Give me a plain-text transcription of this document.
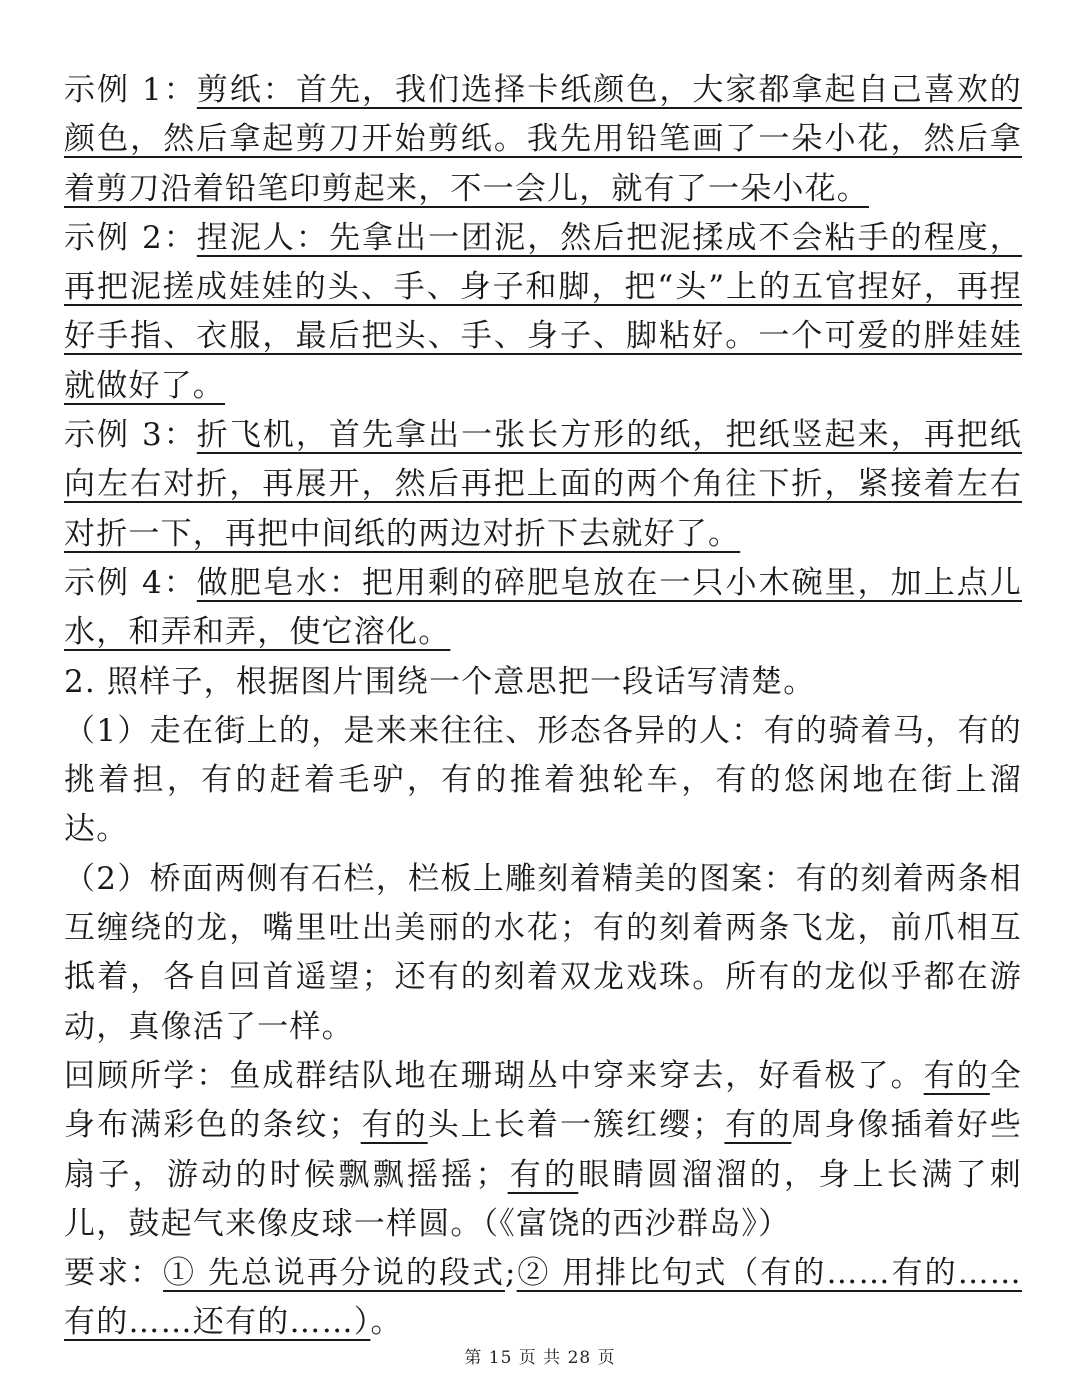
示例 1：剪纸：首先，我们选择卡纸颜色，大家都拿起自己喜欢的颜色，然后拿起剪刀开始剪纸。我先用铅笔画了一朵小花，然后拿着剪刀沿着铅笔印剪起来，不一会儿，就有了一朵小花。

示例 2：捏泥人：先拿出一团泥，然后把泥揉成不会粘手的程度，再把泥搓成娃娃的头、手、身子和脚，把“头”上的五官捏好，再捏好手指、衣服，最后把头、手、身子、脚粘好。一个可爱的胖娃娃就做好了。

示例 3：折飞机，首先拿出一张长方形的纸，把纸竖起来，再把纸向左右对折，再展开，然后再把上面的两个角往下折，紧接着左右对折一下，再把中间纸的两边对折下去就好了。

示例 4：做肥皂水：把用剩的碎肥皂放在一只小木碗里，加上点儿水，和弄和弄，使它溶化。

2. 照样子，根据图片围绕一个意思把一段话写清楚。

（1）走在街上的，是来来往往、形态各异的人：有的骑着马，有的挑着担，有的赶着毛驴，有的推着独轮车，有的悠闲地在街上溜达。

（2）桥面两侧有石栏，栏板上雕刻着精美的图案：有的刻着两条相互缠绕的龙，嘴里吐出美丽的水花；有的刻着两条飞龙，前爪相互抵着，各自回首遥望；还有的刻着双龙戏珠。所有的龙似乎都在游动，真像活了一样。

回顾所学：鱼成群结队地在珊瑚丛中穿来穿去，好看极了。有的全身布满彩色的条纹；有的头上长着一簇红缨；有的周身像插着好些扇子，游动的时候飘飘摇摇；有的眼睛圆溜溜的，身上长满了刺儿，鼓起气来像皮球一样圆。（《富饶的西沙群岛》）

要求：① 先总说再分说的段式;② 用排比句式（有的……有的……有的……还有的……）。

第 15 页 共 28 页
